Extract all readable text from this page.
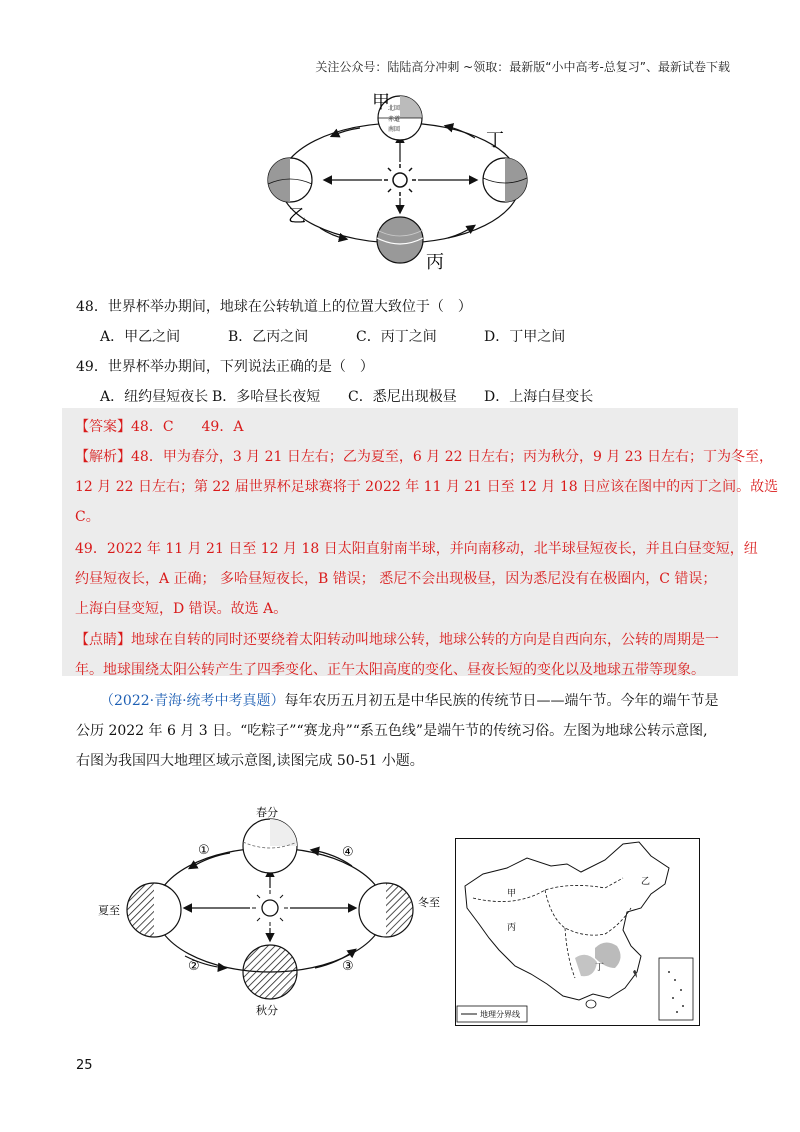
关注公众号：陆陆高分冲刺 ~领取：最新版“小中高考-总复习”、最新试卷下载
北回
赤道
南回
甲
乙
丙
丁
48．世界杯举办期间，地球在公转轨道上的位置大致位于（　）
A．甲乙之间	B．乙丙之间	C．丙丁之间	D．丁甲之间
49．世界杯举办期间，下列说法正确的是（　）
A．纽约昼短夜长 B．多哈昼长夜短 C．悉尼出现极昼 D．上海白昼变长
【答案】48．C　　49．A
【解析】48．甲为春分，3 月 21 日左右；乙为夏至，6 月 22 日左右；丙为秋分，9 月 23 日左右；丁为冬至，
12 月 22 日左右；第 22 届世界杯足球赛将于 2022 年 11 月 21 日至 12 月 18 日应该在图中的丙丁之间。故选
C。
49．2022 年 11 月 21 日至 12 月 18 日太阳直射南半球，并向南移动，北半球昼短夜长，并且白昼变短，纽
约昼短夜长，A 正确； 多哈昼短夜长，B 错误； 悉尼不会出现极昼，因为悉尼没有在极圈内，C 错误；
上海白昼变短，D 错误。故选 A。
【点睛】地球在自转的同时还要绕着太阳转动叫地球公转，地球公转的方向是自西向东，公转的周期是一
年。地球围绕太阳公转产生了四季变化、正午太阳高度的变化、昼夜长短的变化以及地球五带等现象。
（2022·青海·统考中考真题）每年农历五月初五是中华民族的传统节日——端午节。今年的端午节是
公历 2022 年 6 月 3 日。“吃粽子”“赛龙舟”“系五色线”是端午节的传统习俗。左图为地球公转示意图,
右图为我国四大地理区域示意图,读图完成 50-51 小题。
春分
夏至
秋分
冬至
①
②	③
④
甲
乙
丙
丁
地理分界线
25
